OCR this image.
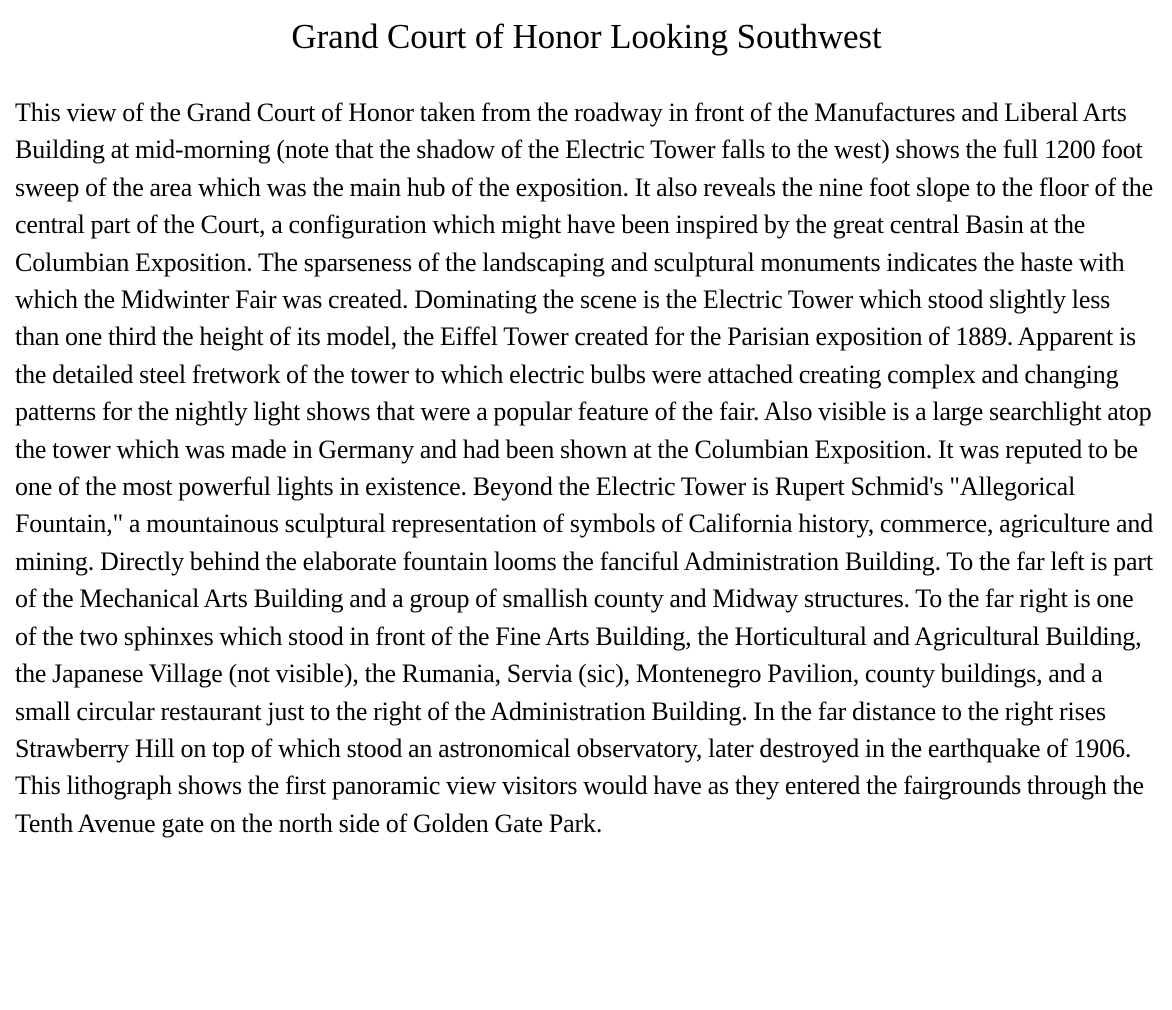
Grand Court of Honor Looking Southwest

This view of the Grand Court of Honor taken from the roadway in front of the Manufactures and Liberal Arts Building at mid-morning (note that the shadow of the Electric Tower falls to the west) shows the full 1200 foot sweep of the area which was the main hub of the exposition. It also reveals the nine foot slope to the floor of the central part of the Court, a configuration which might have been inspired by the great central Basin at the Columbian Exposition. The sparseness of the landscaping and sculptural monuments indicates the haste with which the Midwinter Fair was created. Dominating the scene is the Electric Tower which stood slightly less than one third the height of its model, the Eiffel Tower created for the Parisian exposition of 1889. Apparent is the detailed steel fretwork of the tower to which electric bulbs were attached creating complex and changing patterns for the nightly light shows that were a popular feature of the fair. Also visible is a large searchlight atop the tower which was made in Germany and had been shown at the Columbian Exposition. It was reputed to be one of the most powerful lights in existence. Beyond the Electric Tower is Rupert Schmid's "Allegorical Fountain," a mountainous sculptural representation of symbols of California history, commerce, agriculture and mining. Directly behind the elaborate fountain looms the fanciful Administration Building. To the far left is part of the Mechanical Arts Building and a group of smallish county and Midway structures. To the far right is one of the two sphinxes which stood in front of the Fine Arts Building, the Horticultural and Agricultural Building, the Japanese Village (not visible), the Rumania, Servia (sic), Montenegro Pavilion, county buildings, and a small circular restaurant just to the right of the Administration Building. In the far distance to the right rises Strawberry Hill on top of which stood an astronomical observatory, later destroyed in the earthquake of 1906. This lithograph shows the first panoramic view visitors would have as they entered the fairgrounds through the Tenth Avenue gate on the north side of Golden Gate Park.
